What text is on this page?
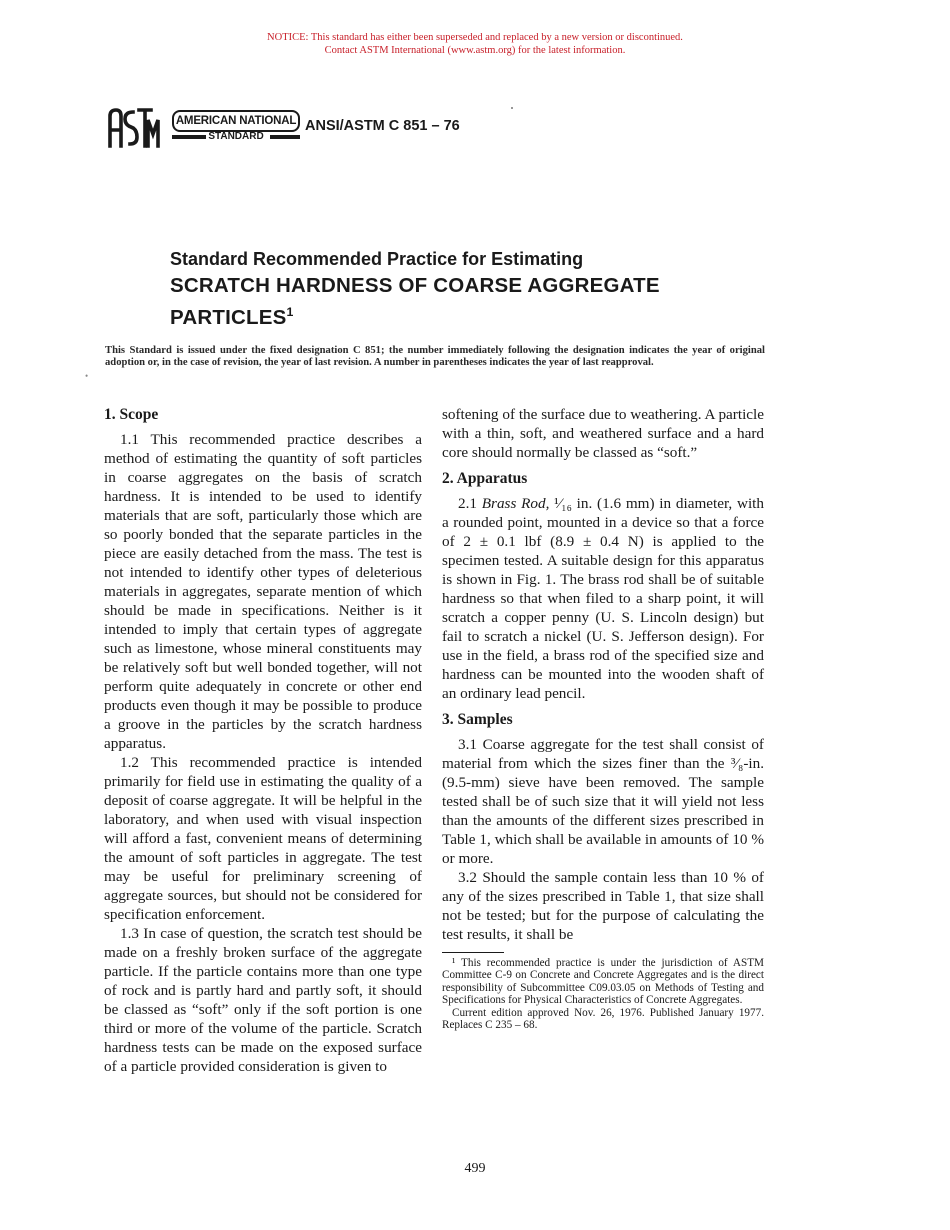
NOTICE: This standard has either been superseded and replaced by a new version or discontinued.
Contact ASTM International (www.astm.org) for the latest information.
AMERICAN NATIONAL
STANDARD
ANSI/ASTM C 851 – 76
Standard Recommended Practice for Estimating
SCRATCH HARDNESS OF COARSE AGGREGATE
PARTICLES$^1$
This Standard is issued under the fixed designation C 851; the number immediately following the designation indicates the year of original adoption or, in the case of revision, the year of last revision. A number in parentheses indicates the year of last reapproval.
•
1. Scope

1.1 This recommended practice describes a method of estimating the quantity of soft particles in coarse aggregates on the basis of scratch hardness. It is intended to be used to identify materials that are soft, particularly those which are so poorly bonded that the separate particles in the piece are easily detached from the mass. The test is not intended to identify other types of deleterious materials in aggregates, separate mention of which should be made in specifications. Neither is it intended to imply that certain types of aggregate such as limestone, whose mineral constituents may be relatively soft but well bonded together, will not perform quite adequately in concrete or other end products even though it may be possible to produce a groove in the particles by the scratch hardness apparatus.

1.2 This recommended practice is intended primarily for field use in estimating the quality of a deposit of coarse aggregate. It will be helpful in the laboratory, and when used with visual inspection will afford a fast, convenient means of determining the amount of soft particles in aggregate. The test may be useful for preliminary screening of aggregate sources, but should not be considered for specification enforcement.

1.3 In case of question, the scratch test should be made on a freshly broken surface of the aggregate particle. If the particle contains more than one type of rock and is partly hard and partly soft, it should be classed as “soft” only if the soft portion is one third or more of the volume of the particle. Scratch hardness tests can be made on the exposed surface of a particle provided consideration is given to

softening of the surface due to weathering. A particle with a thin, soft, and weathered surface and a hard core should normally be classed as “soft.”

2. Apparatus

2.1 Brass Rod, ¹⁄₁₆ in. (1.6 mm) in diameter, with a rounded point, mounted in a device so that a force of 2 ± 0.1 lbf (8.9 ± 0.4 N) is applied to the specimen tested. A suitable design for this apparatus is shown in Fig. 1. The brass rod shall be of suitable hardness so that when filed to a sharp point, it will scratch a copper penny (U. S. Lincoln design) but fail to scratch a nickel (U. S. Jefferson design). For use in the field, a brass rod of the specified size and hardness can be mounted into the wooden shaft of an ordinary lead pencil.

3. Samples

3.1 Coarse aggregate for the test shall consist of material from which the sizes finer than the ³⁄₈-in. (9.5-mm) sieve have been removed. The sample tested shall be of such size that it will yield not less than the amounts of the different sizes prescribed in Table 1, which shall be available in amounts of 10 % or more.

3.2 Should the sample contain less than 10 % of any of the sizes prescribed in Table 1, that size shall not be tested; but for the purpose of calculating the test results, it shall be

¹ This recommended practice is under the jurisdiction of ASTM Committee C-9 on Concrete and Concrete Aggregates and is the direct responsibility of Subcommittee C09.03.05 on Methods of Testing and Specifications for Physical Characteristics of Concrete Aggregates.

Current edition approved Nov. 26, 1976. Published January 1977. Replaces C 235 – 68.

499
